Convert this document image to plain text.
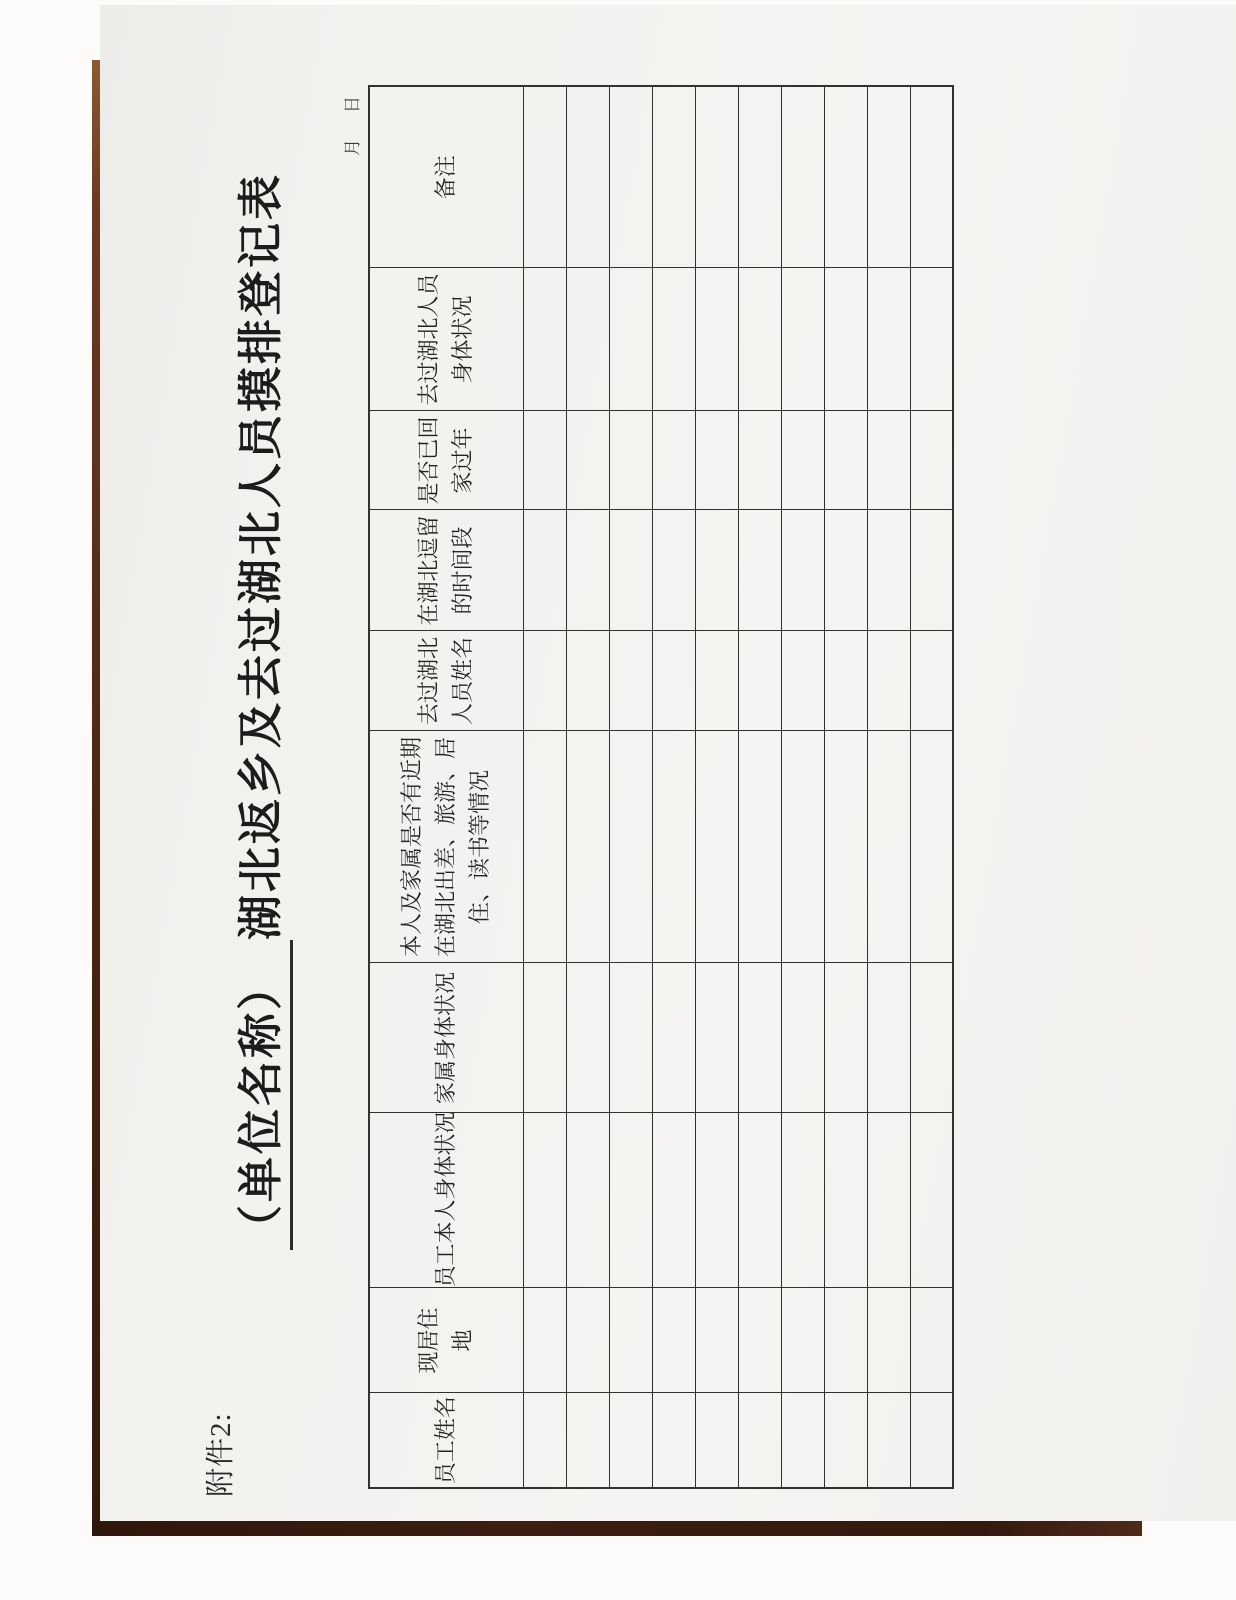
附件2:
（单位名称）湖北返乡及去过湖北人员摸排登记表
月日
员工姓名	现居住地	员工本人身体状况	家属身体状况	本人及家属是否有近期在湖北出差、旅游、居住、读书等情况	去过湖北人员姓名	在湖北逗留的时间段	是否已回家过年	去过湖北人员身体状况	备注
